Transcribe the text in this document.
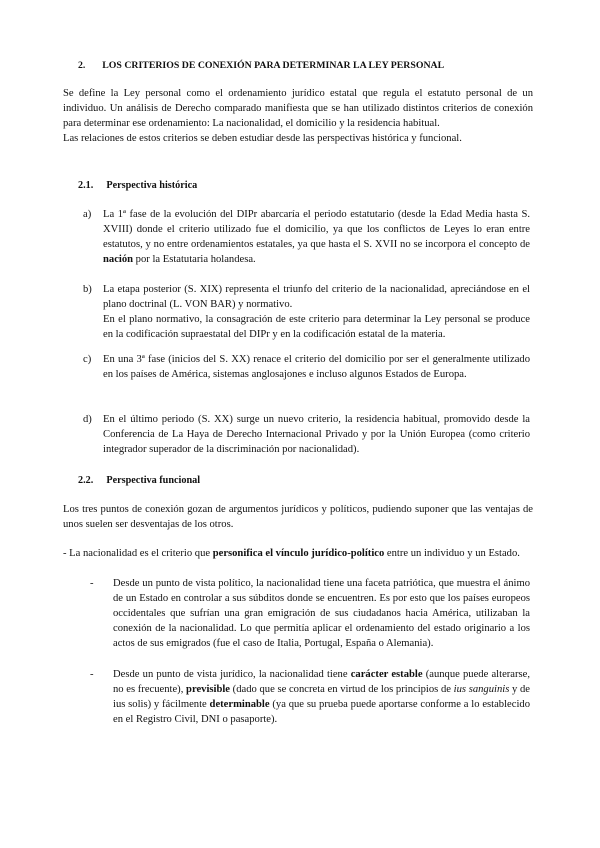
2. LOS CRITERIOS DE CONEXIÓN PARA DETERMINAR LA LEY PERSONAL

Se define la Ley personal como el ordenamiento jurídico estatal que regula el estatuto personal de un individuo. Un análisis de Derecho comparado manifiesta que se han utilizado distintos criterios de conexión para determinar ese ordenamiento: La nacionalidad, el domicilio y la residencia habitual.

Las relaciones de estos criterios se deben estudiar desde las perspectivas histórica y funcional.

2.1. Perspectiva histórica
a) La 1ª fase de la evolución del DIPr abarcaría el periodo estatutario (desde la Edad Media hasta S. XVIII) donde el criterio utilizado fue el domicilio, ya que los conflictos de Leyes lo eran entre estatutos, y no entre ordenamientos estatales, ya que hasta el S. XVII no se incorpora el concepto de nación por la Estatutaria holandesa.

b) La etapa posterior (S. XIX) representa el triunfo del criterio de la nacionalidad, apreciándose en el plano doctrinal (L. VON BAR) y normativo.

En el plano normativo, la consagración de este criterio para determinar la Ley personal se produce en la codificación supraestatal del DIPr y en la codificación estatal de la materia.

c) En una 3ª fase (inicios del S. XX) renace el criterio del domicilio por ser el generalmente utilizado en los países de América, sistemas anglosajones e incluso algunos Estados de Europa.

d) En el último periodo (S. XX) surge un nuevo criterio, la residencia habitual, promovido desde la Conferencia de La Haya de Derecho Internacional Privado y por la Unión Europea (como criterio integrador superador de la discriminación por nacionalidad).

2.2. Perspectiva funcional

Los tres puntos de conexión gozan de argumentos jurídicos y políticos, pudiendo suponer que las ventajas de unos suelen ser desventajas de los otros.

- La nacionalidad es el criterio que personifica el vínculo jurídico-político entre un individuo y un Estado.

- Desde un punto de vista político, la nacionalidad tiene una faceta patriótica, que muestra el ánimo de un Estado en controlar a sus súbditos donde se encuentren. Es por esto que los países europeos occidentales que sufrían una gran emigración de sus ciudadanos hacia América, utilizaban la conexión de la nacionalidad. Lo que permitía aplicar el ordenamiento del estado originario a los actos de sus emigrados (fue el caso de Italia, Portugal, España o Alemania).

- Desde un punto de vista jurídico, la nacionalidad tiene carácter estable (aunque puede alterarse, no es frecuente), previsible (dado que se concreta en virtud de los principios de ius sanguinis y de ius solis) y fácilmente determinable (ya que su prueba puede aportarse conforme a lo establecido en el Registro Civil, DNI o pasaporte).
